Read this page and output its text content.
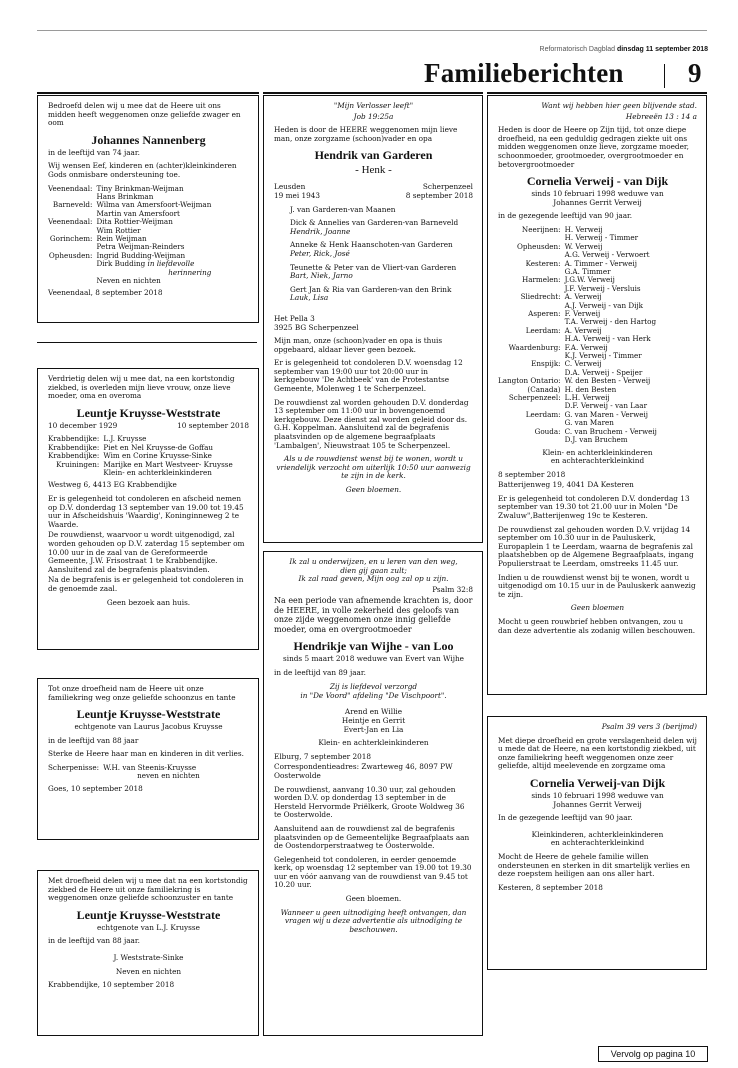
Reformatorisch Dagblad dinsdag 11 september 2018
Familieberichten 9

Bedroefd delen wij u mee dat de Heere uit ons midden heeft weggenomen onze geliefde zwager en oom

Johannes Nannenberg

in de leeftijd van 74 jaar.

Wij wensen Eef, kinderen en (achter)kleinkinderen Gods onmisbare ondersteuning toe.

Veenendaal:	Tiny Brinkman-Weijman
	Hans Brinkman
Barneveld:	Wilma van Amersfoort-Weijman
	Martin van Amersfoort
Veenendaal:	Dita Rottier-Weijman
	Wim Rottier
Gorinchem:	Rein Weijman
	Petra Weijman-Reinders
Opheusden:	Ingrid Budding-Weijman
	Dirk Budding in liefdevolle
	herinnering
	Neven en nichten

Veenendaal, 8 september 2018

Verdrietig delen wij u mee dat, na een kortstondig ziekbed, is overleden mijn lieve vrouw, onze lieve moeder, oma en overoma

Leuntje Kruysse-Weststrate

10 december 1929	10 september 2018

Krabbendijke:	L.J. Kruysse
Krabbendijke:	Piet en Nel Kruysse-de Goffau
Krabbendijke:	Wim en Corine Kruysse-Sinke
Kruiningen:	Marijke en Mart Westveer- Kruysse
	Klein- en achterkleinkinderen

Westweg 6, 4413 EG Krabbendijke

Er is gelegenheid tot condoleren en afscheid nemen op D.V. donderdag 13 september van 19.00 tot 19.45 uur in Afscheidshuis 'Waardig', Koninginneweg 2 te Waarde.

De rouwdienst, waarvoor u wordt uitgenodigd, zal worden gehouden op D.V. zaterdag 15 september om 10.00 uur in de zaal van de Gereformeerde Gemeente, J.W. Frisostraat 1 te Krabbendijke. Aansluitend zal de begrafenis plaatsvinden.

Na de begrafenis is er gelegenheid tot condoleren in de genoemde zaal.

Geen bezoek aan huis.

Tot onze droefheid nam de Heere uit onze familiekring weg onze geliefde schoonzus en tante

Leuntje Kruysse-Weststrate

echtgenote van Laurus Jacobus Kruysse

in de leeftijd van 88 jaar

Sterke de Heere haar man en kinderen in dit verlies.

Scherpenisse:	W.H. van Steenis-Kruysse
	neven en nichten

Goes, 10 september 2018

Met droefheid delen wij u mee dat na een kortstondig ziekbed de Heere uit onze familiekring is weggenomen onze geliefde schoonzuster en tante

Leuntje Kruysse-Weststrate

echtgenote van L.J. Kruysse

in de leeftijd van 88 jaar.

J. Weststrate-Sinke

Neven en nichten

Krabbendijke, 10 september 2018

"Mijn Verlosser leeft"

Job 19:25a

Heden is door de HEERE weggenomen mijn lieve man, onze zorgzame (schoon)vader en opa

Hendrik van Garderen
- Henk -
Leusden	Scherpenzeel

19 mei 1943	8 september 2018

J. van Garderen-van Maanen

Dick & Annelies van Garderen-van Barneveld
Hendrik, Joanne

Anneke & Henk Haanschoten-van Garderen
Peter, Rick, José

Teunette & Peter van de Vliert-van Garderen
Bart, Niek, Jarno

Gert Jan & Ria van Garderen-van den Brink
Lauk, Lisa

Het Pella 3
3925 BG Scherpenzeel

Mijn man, onze (schoon)vader en opa is thuis opgebaard, aldaar liever geen bezoek.

Er is gelegenheid tot condoleren D.V. woensdag 12 september van 19:00 uur tot 20:00 uur in kerkgebouw 'De Achtbeek' van de Protestantse Gemeente, Molenweg 1 te Scherpenzeel.

De rouwdienst zal worden gehouden D.V. donderdag 13 september om 11:00 uur in bovengenoemd kerkgebouw. Deze dienst zal worden geleid door ds. G.H. Koppelman. Aansluitend zal de begrafenis plaatsvinden op de algemene begraafplaats 'Lambalgen', Nieuwstraat 105 te Scherpenzeel.

Als u de rouwdienst wenst bij te wonen, wordt u vriendelijk verzocht om uiterlijk 10:50 uur aanwezig te zijn in de kerk.

Geen bloemen.

Ik zal u onderwijzen, en u leren van den weg,
dien gij gaan zult;
Ik zal raad geven, Mijn oog zal op u zijn.

Psalm 32:8

Na een periode van afnemende krachten is, door de HEERE, in volle zekerheid des geloofs van onze zijde weggenomen onze innig geliefde moeder, oma en overgrootmoeder

Hendrikje van Wijhe - van Loo

sinds 5 maart 2018 weduwe van Evert van Wijhe

in de leeftijd van 89 jaar.

Zij is liefdevol verzorgd
in "De Voord" afdeling "De Vischpoort".

Arend en Willie
Heintje en Gerrit
Evert-Jan en Lia

Klein- en achterkleinkinderen

Elburg, 7 september 2018

Correspondentieadres: Zwarteweg 46, 8097 PW Oosterwolde

De rouwdienst, aanvang 10.30 uur, zal gehouden worden D.V. op donderdag 13 september in de Hersteld Hervormde Priëlkerk, Groote Woldweg 36 te Oosterwolde.

Aansluitend aan de rouwdienst zal de begrafenis plaatsvinden op de Gemeentelijke Begraafplaats aan de Oostendorperstraatweg te Oosterwolde.

Gelegenheid tot condoleren, in eerder genoemde kerk, op woensdag 12 september van 19.00 tot 19.30 uur en vóór aanvang van de rouwdienst van 9.45 tot 10.20 uur.

Geen bloemen.

Wanneer u geen uitnodiging heeft ontvangen, dan vragen wij u deze advertentie als uitnodiging te beschouwen.

Want wij hebben hier geen blijvende stad.

Hebreeën 13 : 14 a

Heden is door de Heere op Zijn tijd, tot onze diepe droefheid, na een geduldig gedragen ziekte uit ons midden weggenomen onze lieve, zorgzame moeder, schoonmoeder, grootmoeder, overgrootmoeder en betovergrootmoeder

Cornelia Verweij - van Dijk

sinds 10 februari 1998 weduwe van
Johannes Gerrit Verweij

in de gezegende leeftijd van 90 jaar.

Neerijnen:	H. Verweij
	H. Verweij - Timmer
Opheusden:	W. Verweij
	A.G. Verweij - Verwoert
Kesteren:	A. Timmer - Verweij
	G.A. Timmer
Harmelen:	J.G.W. Verweij
	J.F. Verweij - Versluis
Sliedrecht:	A. Verweij
	A.J. Verweij - van Dijk
Asperen:	F. Verweij
	T.A. Verweij - den Hartog
Leerdam:	A. Verweij
	H.A. Verweij - van Herk
Waardenburg:	F.A. Verweij
	K.J. Verweij - Timmer
Enspijk:	C. Verweij
	D.A. Verweij - Speijer
Langton Ontario:	W. den Besten - Verweij
(Canada)	H. den Besten
Scherpenzeel:	L.H. Verweij
	D.F. Verweij - van Laar
Leerdam:	G. van Maren - Verweij
	G. van Maren
Gouda:	C. van Bruchem - Verweij
	D.J. van Bruchem

Klein- en achterkleinkinderen
en achterachterkleinkind

8 september 2018

Batterijenweg 19, 4041 DA Kesteren

Er is gelegenheid tot condoleren D.V. donderdag 13 september van 19.30 tot 21.00 uur in Molen "De Zwaluw",Batterijenweg 19c te Kesteren.

De rouwdienst zal gehouden worden D.V. vrijdag 14 september om 10.30 uur in de Pauluskerk, Europaplein 1 te Leerdam, waarna de begrafenis zal plaatshebben op de Algemene Begraafplaats, ingang Populierstraat te Leerdam, omstreeks 11.45 uur.

Indien u de rouwdienst wenst bij te wonen, wordt u uitgenodigd om 10.15 uur in de Pauluskerk aanwezig te zijn.

Geen bloemen

Mocht u geen rouwbrief hebben ontvangen, zou u dan deze advertentie als zodanig willen beschouwen.

Psalm 39 vers 3 (berijmd)

Met diepe droefheid en grote verslagenheid delen wij u mede dat de Heere, na een kortstondig ziekbed, uit onze familiekring heeft weggenomen onze zeer geliefde, altijd meelevende en zorgzame oma

Cornelia Verweij-van Dijk

sinds 10 februari 1998 weduwe van
Johannes Gerrit Verweij

In de gezegende leeftijd van 90 jaar.

Kleinkinderen, achterkleinkinderen
en achterachterkleinkind

Mocht de Heere de gehele familie willen ondersteunen en sterken in dit smartelijk verlies en deze roepstem heiligen aan ons aller hart.

Kesteren, 8 september 2018

Vervolg op pagina 10
